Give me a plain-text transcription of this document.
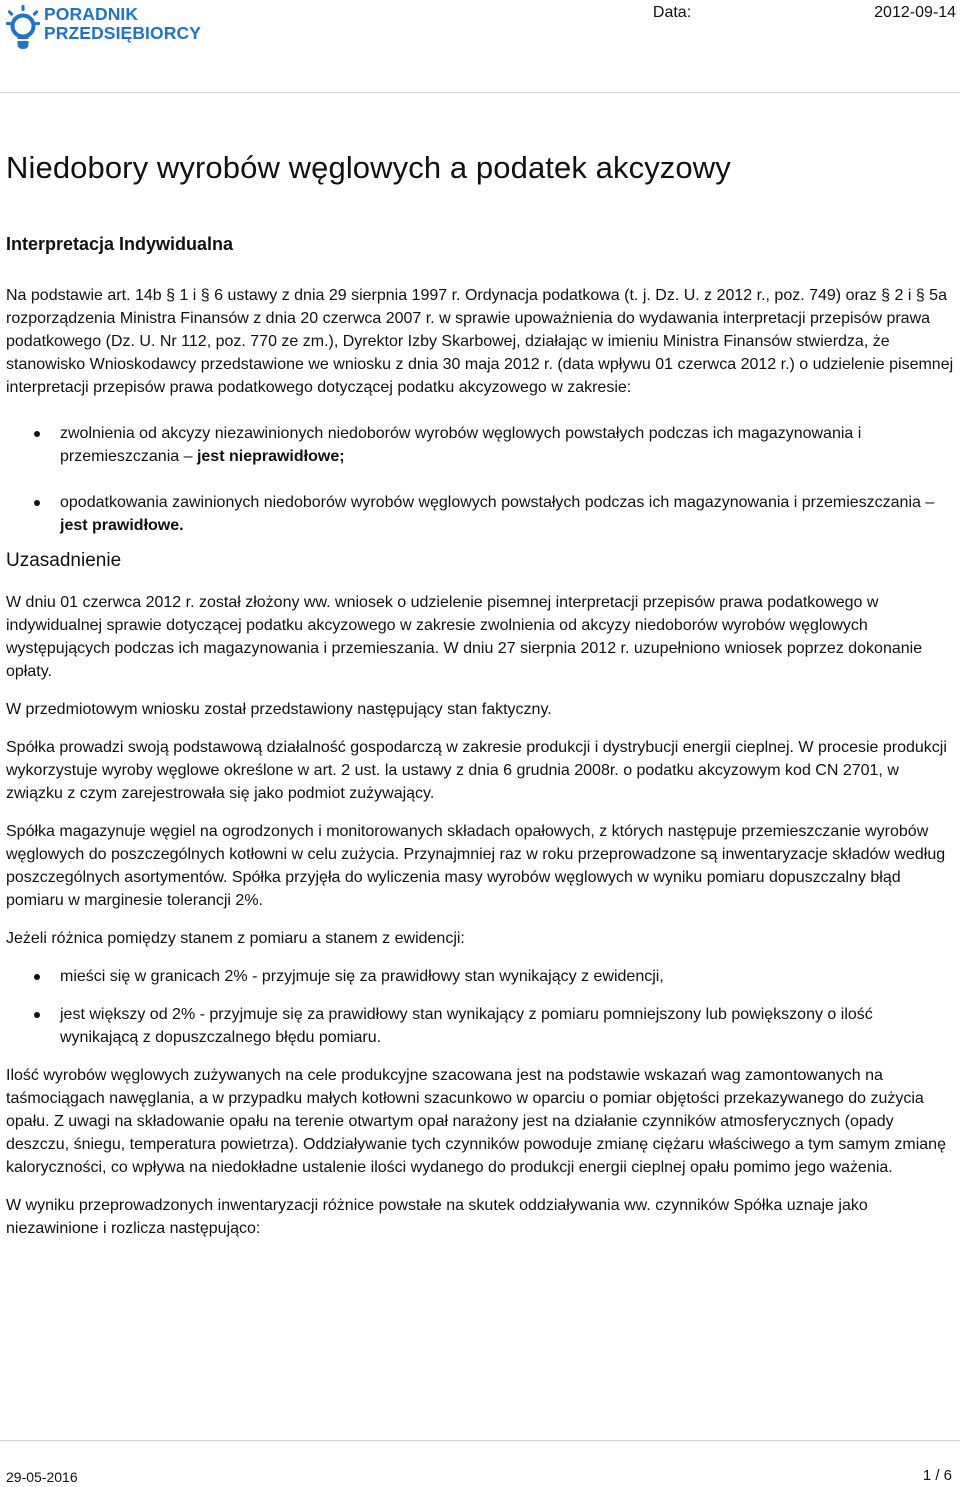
PORADNIK
PRZEDSIĘBIORCY
Data:	2012-09-14
Niedobory wyrobów węglowych a podatek akcyzowy
Interpretacja Indywidualna

Na podstawie art. 14b § 1 i § 6 ustawy z dnia 29 sierpnia 1997 r. Ordynacja podatkowa (t. j. Dz. U. z 2012 r., poz. 749) oraz § 2 i § 5a rozporządzenia Ministra Finansów z dnia 20 czerwca 2007 r. w sprawie upoważnienia do wydawania interpretacji przepisów prawa podatkowego (Dz. U. Nr 112, poz. 770 ze zm.), Dyrektor Izby Skarbowej, działając w imieniu Ministra Finansów stwierdza, że stanowisko Wnioskodawcy przedstawione we wniosku z dnia 30 maja 2012 r. (data wpływu 01 czerwca 2012 r.) o udzielenie pisemnej interpretacji przepisów prawa podatkowego dotyczącej podatku akcyzowego w zakresie:

zwolnienia od akcyzy niezawinionych niedoborów wyrobów węglowych powstałych podczas ich magazynowania i przemieszczania – jest nieprawidłowe;
opodatkowania zawinionych niedoborów wyrobów węglowych powstałych podczas ich magazynowania i przemieszczania – jest prawidłowe.
Uzasadnienie

W dniu 01 czerwca 2012 r. został złożony ww. wniosek o udzielenie pisemnej interpretacji przepisów prawa podatkowego w indywidualnej sprawie dotyczącej podatku akcyzowego w zakresie zwolnienia od akcyzy niedoborów wyrobów węglowych występujących podczas ich magazynowania i przemieszania. W dniu 27 sierpnia 2012 r. uzupełniono wniosek poprzez dokonanie opłaty.

W przedmiotowym wniosku został przedstawiony następujący stan faktyczny.

Spółka prowadzi swoją podstawową działalność gospodarczą w zakresie produkcji i dystrybucji energii cieplnej. W procesie produkcji wykorzystuje wyroby węglowe określone w art. 2 ust. la ustawy z dnia 6 grudnia 2008r. o podatku akcyzowym kod CN 2701, w związku z czym zarejestrowała się jako podmiot zużywający.

Spółka magazynuje węgiel na ogrodzonych i monitorowanych składach opałowych, z których następuje przemieszczanie wyrobów węglowych do poszczególnych kotłowni w celu zużycia. Przynajmniej raz w roku przeprowadzone są inwentaryzacje składów według poszczególnych asortymentów. Spółka przyjęła do wyliczenia masy wyrobów węglowych w wyniku pomiaru dopuszczalny błąd pomiaru w marginesie tolerancji 2%.

Jeżeli różnica pomiędzy stanem z pomiaru a stanem z ewidencji:

mieści się w granicach 2% - przyjmuje się za prawidłowy stan wynikający z ewidencji,
jest większy od 2% - przyjmuje się za prawidłowy stan wynikający z pomiaru pomniejszony lub powiększony o ilość wynikającą z dopuszczalnego błędu pomiaru.

Ilość wyrobów węglowych zużywanych na cele produkcyjne szacowana jest na podstawie wskazań wag zamontowanych na taśmociągach nawęglania, a w przypadku małych kotłowni szacunkowo w oparciu o pomiar objętości przekazywanego do zużycia opału. Z uwagi na składowanie opału na terenie otwartym opał narażony jest na działanie czynników atmosferycznych (opady deszczu, śniegu, temperatura powietrza). Oddziaływanie tych czynników powoduje zmianę ciężaru właściwego a tym samym zmianę kaloryczności, co wpływa na niedokładne ustalenie ilości wydanego do produkcji energii cieplnej opału pomimo jego ważenia.

W wyniku przeprowadzonych inwentaryzacji różnice powstałe na skutek oddziaływania ww. czynników Spółka uznaje jako niezawinione i rozlicza następująco:

29-05-2016	1 / 6
